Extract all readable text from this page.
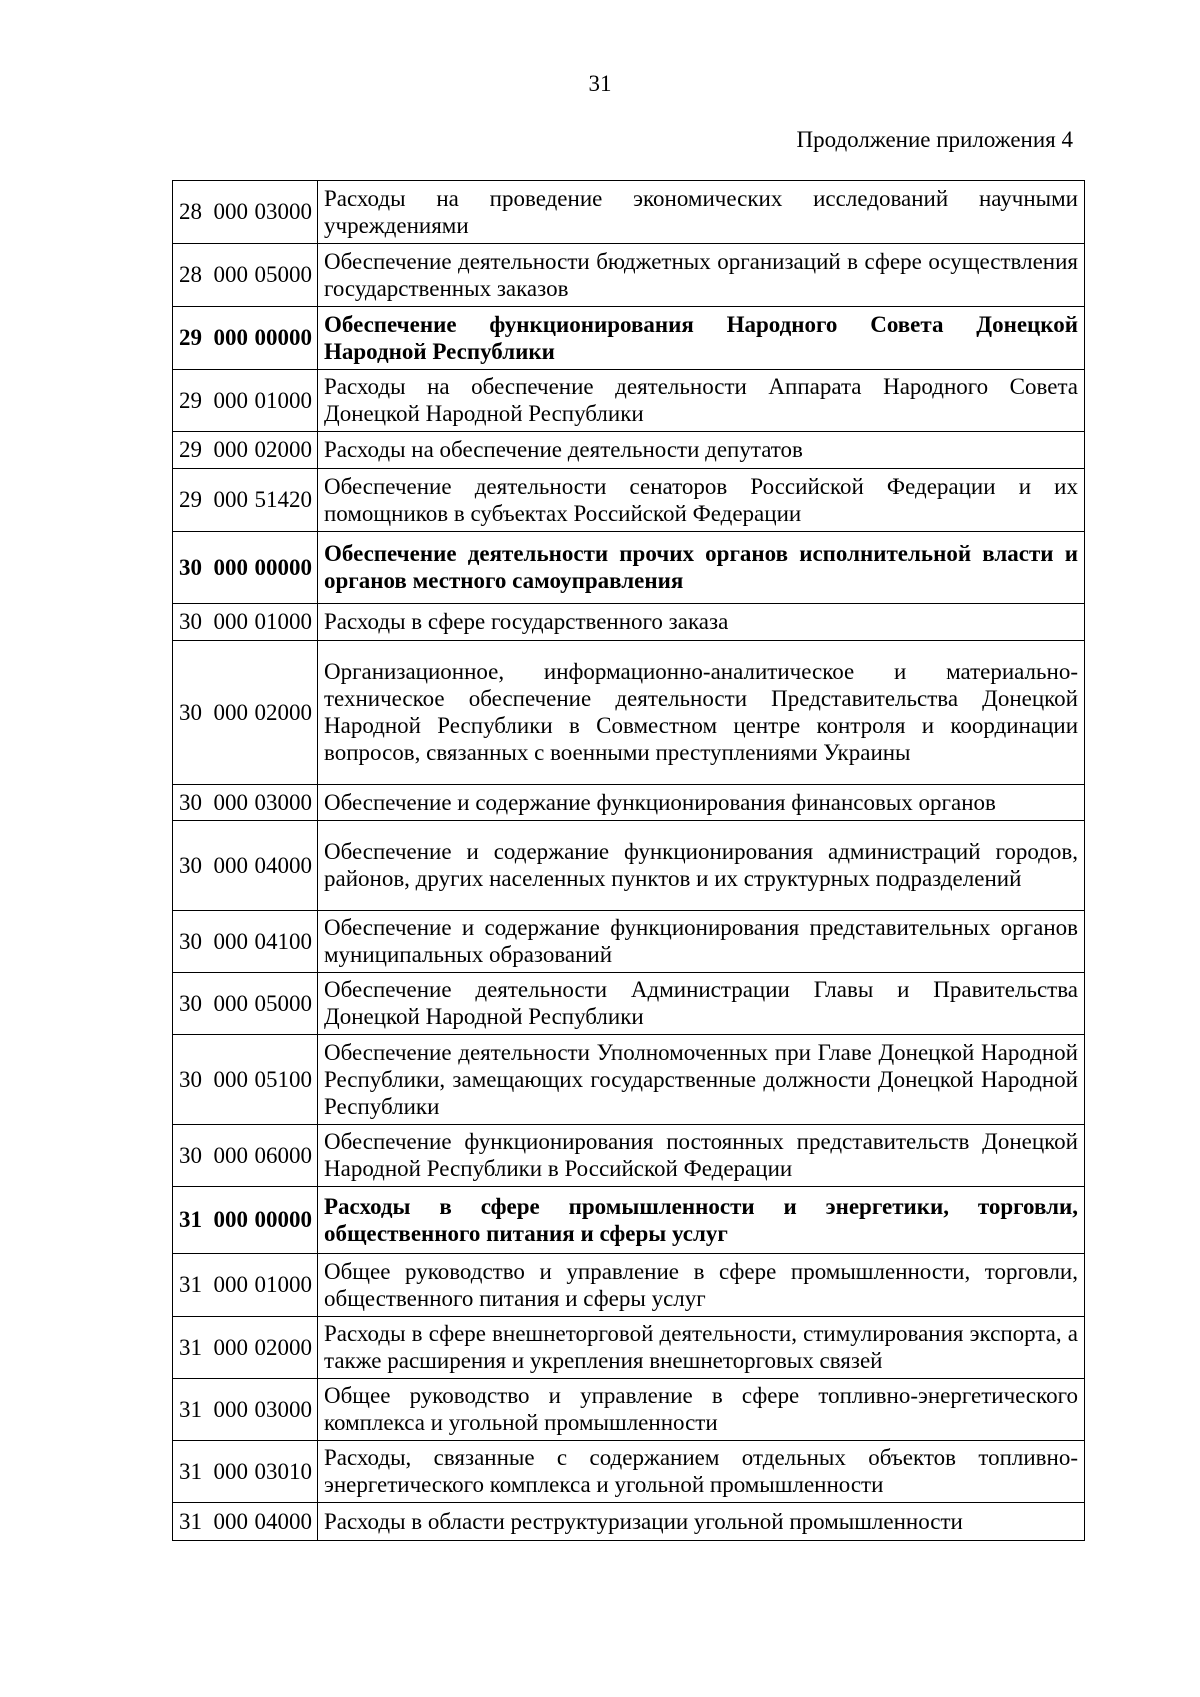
31
Продолжение приложения 4
28  000	03000	Расходы на проведение экономических исследований научными учреждениями
28  000	05000	Обеспечение деятельности бюджетных организаций в сфере осуществления государственных заказов
29  000	00000	Обеспечение функционирования Народного Совета Донецкой Народной Республики
29  000	01000	Расходы на обеспечение деятельности Аппарата Народного Совета Донецкой Народной Республики
29  000	02000	Расходы на обеспечение деятельности депутатов
29  000	51420	Обеспечение деятельности сенаторов Российской Федерации и их помощников в субъектах Российской Федерации
30  000	00000	Обеспечение деятельности прочих органов исполнительной власти и органов местного самоуправления
30  000	01000	Расходы в сфере государственного заказа
30  000	02000	Организационное, информационно-аналитическое и материально-техническое обеспечение деятельности Представительства Донецкой Народной Республики в Совместном центре контроля и координации вопросов, связанных с военными преступлениями Украины
30  000	03000	Обеспечение и содержание функционирования финансовых органов
30  000	04000	Обеспечение и содержание функционирования администраций городов, районов, других населенных пунктов и их структурных подразделений
30  000	04100	Обеспечение и содержание функционирования представительных органов муниципальных образований
30  000	05000	Обеспечение деятельности Администрации Главы и Правительства Донецкой Народной Республики
30  000	05100	Обеспечение деятельности Уполномоченных при Главе Донецкой Народной Республики, замещающих государственные должности Донецкой Народной Республики
30  000	06000	Обеспечение функционирования постоянных представительств Донецкой Народной Республики в Российской Федерации
31  000	00000	Расходы в сфере промышленности и энергетики, торговли, общественного питания и сферы услуг
31  000	01000	Общее руководство и управление в сфере промышленности, торговли, общественного питания и сферы услуг
31  000	02000	Расходы в сфере внешнеторговой деятельности, стимулирования экспорта, а также расширения и укрепления внешнеторговых связей
31  000	03000	Общее руководство и управление в сфере топливно-энергетического комплекса и угольной промышленности
31  000	03010	Расходы, связанные с содержанием отдельных объектов топливно-энергетического комплекса и угольной промышленности
31  000	04000	Расходы в области реструктуризации угольной промышленности
